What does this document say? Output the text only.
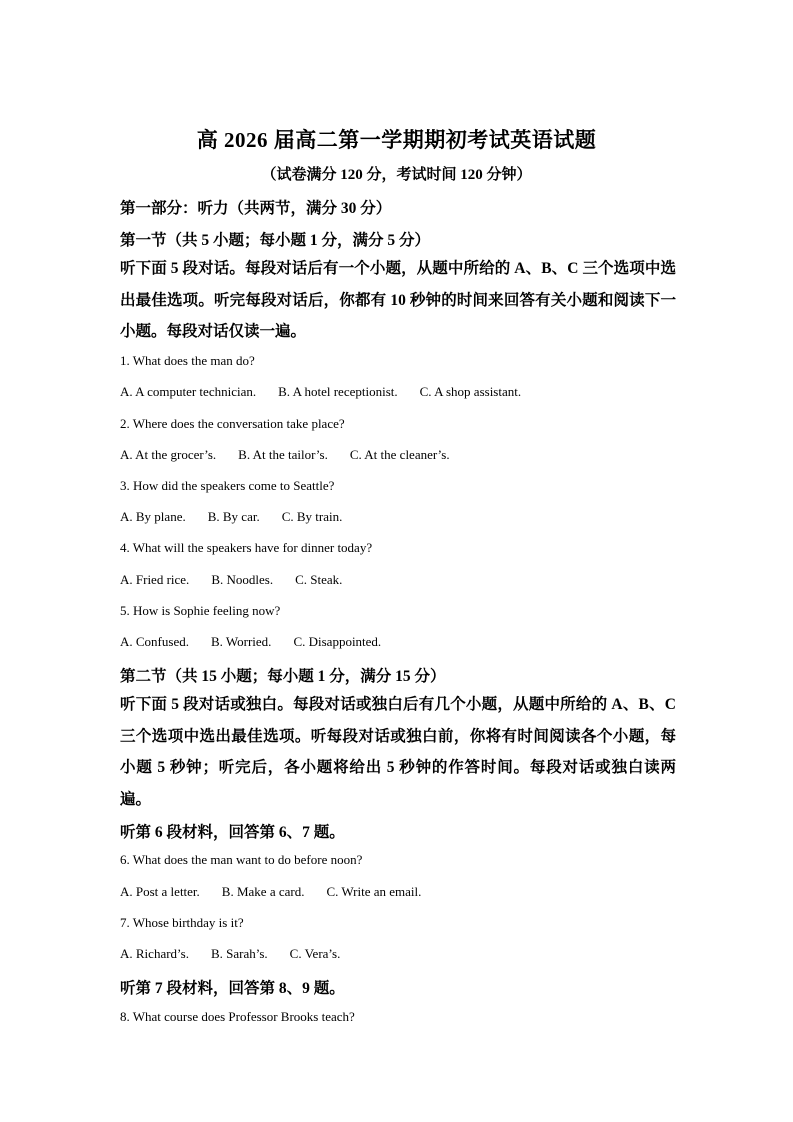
高 2026 届高二第一学期期初考试英语试题
（试卷满分 120 分，考试时间 120 分钟）
第一部分：听力（共两节，满分 30 分）
第一节（共 5 小题；每小题 1 分，满分 5 分）
听下面 5 段对话。每段对话后有一个小题，从题中所给的 A、B、C 三个选项中选出最佳选项。听完每段对话后，你都有 10 秒钟的时间来回答有关小题和阅读下一小题。每段对话仅读一遍。
1. What does the man do?
A. A computer technician. B. A hotel receptionist. C. A shop assistant.
2. Where does the conversation take place?
A. At the grocer’s. B. At the tailor’s. C. At the cleaner’s.
3. How did the speakers come to Seattle?
A. By plane. B. By car. C. By train.
4. What will the speakers have for dinner today?
A. Fried rice. B. Noodles. C. Steak.
5. How is Sophie feeling now?
A. Confused. B. Worried. C. Disappointed.
第二节（共 15 小题；每小题 1 分，满分 15 分）
听下面 5 段对话或独白。每段对话或独白后有几个小题，从题中所给的 A、B、C 三个选项中选出最佳选项。听每段对话或独白前，你将有时间阅读各个小题，每小题 5 秒钟；听完后，各小题将给出 5 秒钟的作答时间。每段对话或独白读两遍。
听第 6 段材料，回答第 6、7 题。
6. What does the man want to do before noon?
A. Post a letter. B. Make a card. C. Write an email.
7. Whose birthday is it?
A. Richard’s. B. Sarah’s. C. Vera’s.
听第 7 段材料，回答第 8、9 题。
8. What course does Professor Brooks teach?
